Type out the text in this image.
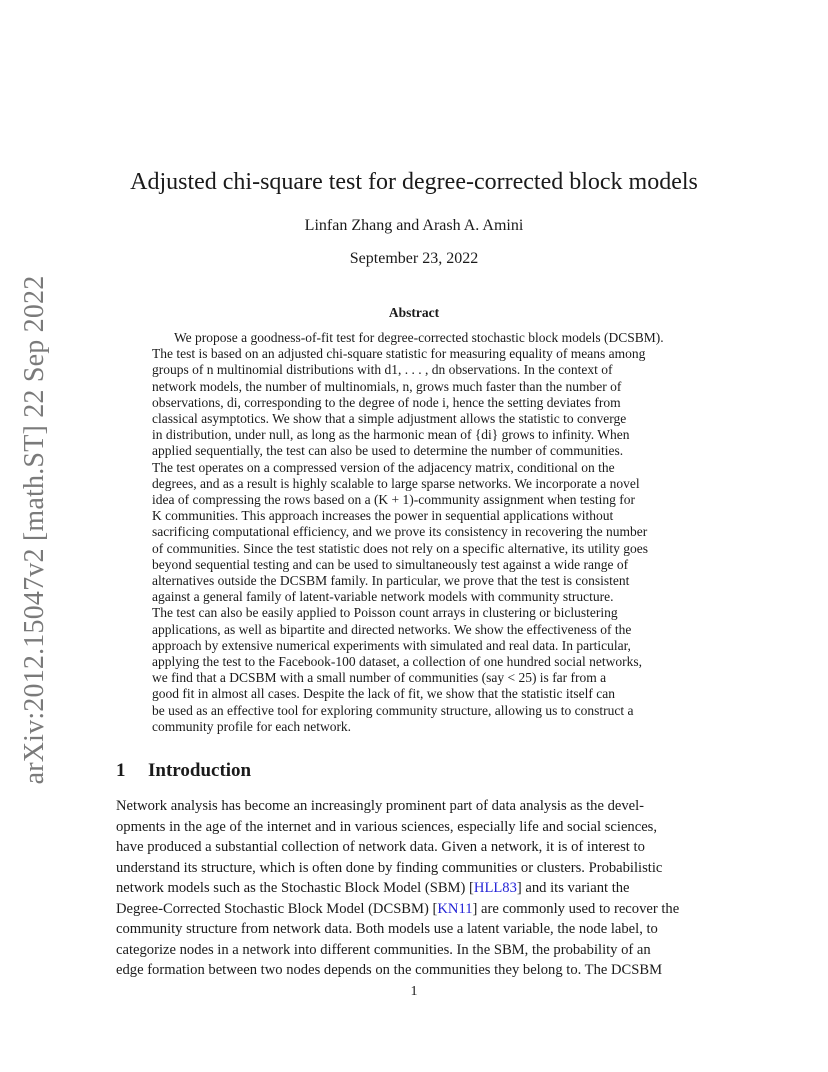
arXiv:2012.15047v2 [math.ST] 22 Sep 2022
Adjusted chi-square test for degree-corrected block models
Linfan Zhang and Arash A. Amini
September 23, 2022
Abstract
We propose a goodness-of-fit test for degree-corrected stochastic block models (DCSBM).
The test is based on an adjusted chi-square statistic for measuring equality of means among
groups of n multinomial distributions with d1, . . . , dn observations. In the context of
network models, the number of multinomials, n, grows much faster than the number of
observations, di, corresponding to the degree of node i, hence the setting deviates from
classical asymptotics. We show that a simple adjustment allows the statistic to converge
in distribution, under null, as long as the harmonic mean of {di} grows to infinity. When
applied sequentially, the test can also be used to determine the number of communities.
The test operates on a compressed version of the adjacency matrix, conditional on the
degrees, and as a result is highly scalable to large sparse networks. We incorporate a novel
idea of compressing the rows based on a (K + 1)-community assignment when testing for
K communities. This approach increases the power in sequential applications without
sacrificing computational efficiency, and we prove its consistency in recovering the number
of communities. Since the test statistic does not rely on a specific alternative, its utility goes
beyond sequential testing and can be used to simultaneously test against a wide range of
alternatives outside the DCSBM family. In particular, we prove that the test is consistent
against a general family of latent-variable network models with community structure.
The test can also be easily applied to Poisson count arrays in clustering or biclustering
applications, as well as bipartite and directed networks. We show the effectiveness of the
approach by extensive numerical experiments with simulated and real data. In particular,
applying the test to the Facebook-100 dataset, a collection of one hundred social networks,
we find that a DCSBM with a small number of communities (say < 25) is far from a
good fit in almost all cases. Despite the lack of fit, we show that the statistic itself can
be used as an effective tool for exploring community structure, allowing us to construct a
community profile for each network.
1 Introduction
Network analysis has become an increasingly prominent part of data analysis as the devel-
opments in the age of the internet and in various sciences, especially life and social sciences,
have produced a substantial collection of network data. Given a network, it is of interest to
understand its structure, which is often done by finding communities or clusters. Probabilistic
network models such as the Stochastic Block Model (SBM) [HLL83] and its variant the
Degree-Corrected Stochastic Block Model (DCSBM) [KN11] are commonly used to recover the
community structure from network data. Both models use a latent variable, the node label, to
categorize nodes in a network into different communities. In the SBM, the probability of an
edge formation between two nodes depends on the communities they belong to. The DCSBM
1
